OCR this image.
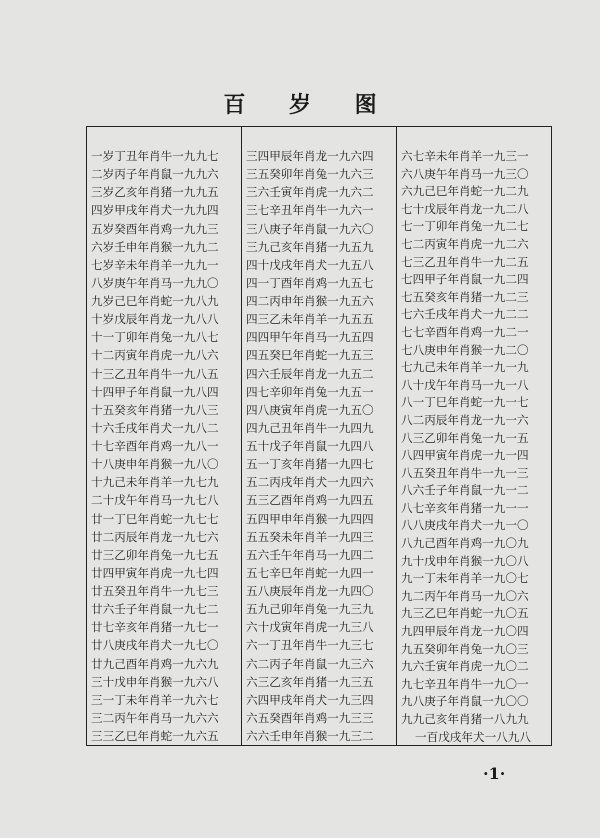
百 岁 图
一岁丁丑年肖牛一九九七
二岁丙子年肖鼠一九九六
三岁乙亥年肖猪一九九五
四岁甲戌年肖犬一九九四
五岁癸酉年肖鸡一九九三
六岁壬申年肖猴一九九二
七岁辛未年肖羊一九九一
八岁庚午年肖马一九九〇
九岁己巳年肖蛇一九八九
十岁戊辰年肖龙一九八八
十一丁卯年肖兔一九八七
十二丙寅年肖虎一九八六
十三乙丑年肖牛一九八五
十四甲子年肖鼠一九八四
十五癸亥年肖猪一九八三
十六壬戌年肖犬一九八二
十七辛酉年肖鸡一九八一
十八庚申年肖猴一九八〇
十九己未年肖羊一九七九
二十戊午年肖马一九七八
廿一丁巳年肖蛇一九七七
廿二丙辰年肖龙一九七六
廿三乙卯年肖兔一九七五
廿四甲寅年肖虎一九七四
廿五癸丑年肖牛一九七三
廿六壬子年肖鼠一九七二
廿七辛亥年肖猪一九七一
廿八庚戌年肖犬一九七〇
廿九己酉年肖鸡一九六九
三十戊申年肖猴一九六八
三一丁未年肖羊一九六七
三二丙午年肖马一九六六
三三乙巳年肖蛇一九六五
三四甲辰年肖龙一九六四
三五癸卯年肖兔一九六三
三六壬寅年肖虎一九六二
三七辛丑年肖牛一九六一
三八庚子年肖鼠一九六〇
三九己亥年肖猪一九五九
四十戊戌年肖犬一九五八
四一丁酉年肖鸡一九五七
四二丙申年肖猴一九五六
四三乙未年肖羊一九五五
四四甲午年肖马一九五四
四五癸巳年肖蛇一九五三
四六壬辰年肖龙一九五二
四七辛卯年肖兔一九五一
四八庚寅年肖虎一九五〇
四九己丑年肖牛一九四九
五十戊子年肖鼠一九四八
五一丁亥年肖猪一九四七
五二丙戌年肖犬一九四六
五三乙酉年肖鸡一九四五
五四甲申年肖猴一九四四
五五癸未年肖羊一九四三
五六壬午年肖马一九四二
五七辛巳年肖蛇一九四一
五八庚辰年肖龙一九四〇
五九己卯年肖兔一九三九
六十戊寅年肖虎一九三八
六一丁丑年肖牛一九三七
六二丙子年肖鼠一九三六
六三乙亥年肖猪一九三五
六四甲戌年肖犬一九三四
六五癸酉年肖鸡一九三三
六六壬申年肖猴一九三二
六七辛未年肖羊一九三一
六八庚午年肖马一九三〇
六九己巳年肖蛇一九二九
七十戊辰年肖龙一九二八
七一丁卯年肖兔一九二七
七二丙寅年肖虎一九二六
七三乙丑年肖牛一九二五
七四甲子年肖鼠一九二四
七五癸亥年肖猪一九二三
七六壬戌年肖犬一九二二
七七辛酉年肖鸡一九二一
七八庚申年肖猴一九二〇
七九己未年肖羊一九一九
八十戊午年肖马一九一八
八一丁巳年肖蛇一九一七
八二丙辰年肖龙一九一六
八三乙卯年肖兔一九一五
八四甲寅年肖虎一九一四
八五癸丑年肖牛一九一三
八六壬子年肖鼠一九一二
八七辛亥年肖猪一九一一
八八庚戌年肖犬一九一〇
八九己酉年肖鸡一九〇九
九十戊申年肖猴一九〇八
九一丁未年肖羊一九〇七
九二丙午年肖马一九〇六
九三乙巳年肖蛇一九〇五
九四甲辰年肖龙一九〇四
九五癸卯年肖兔一九〇三
九六壬寅年肖虎一九〇二
九七辛丑年肖牛一九〇一
九八庚子年肖鼠一九〇〇
九九己亥年肖猪一八九九
一百戊戌年犬一八九八
·1·
